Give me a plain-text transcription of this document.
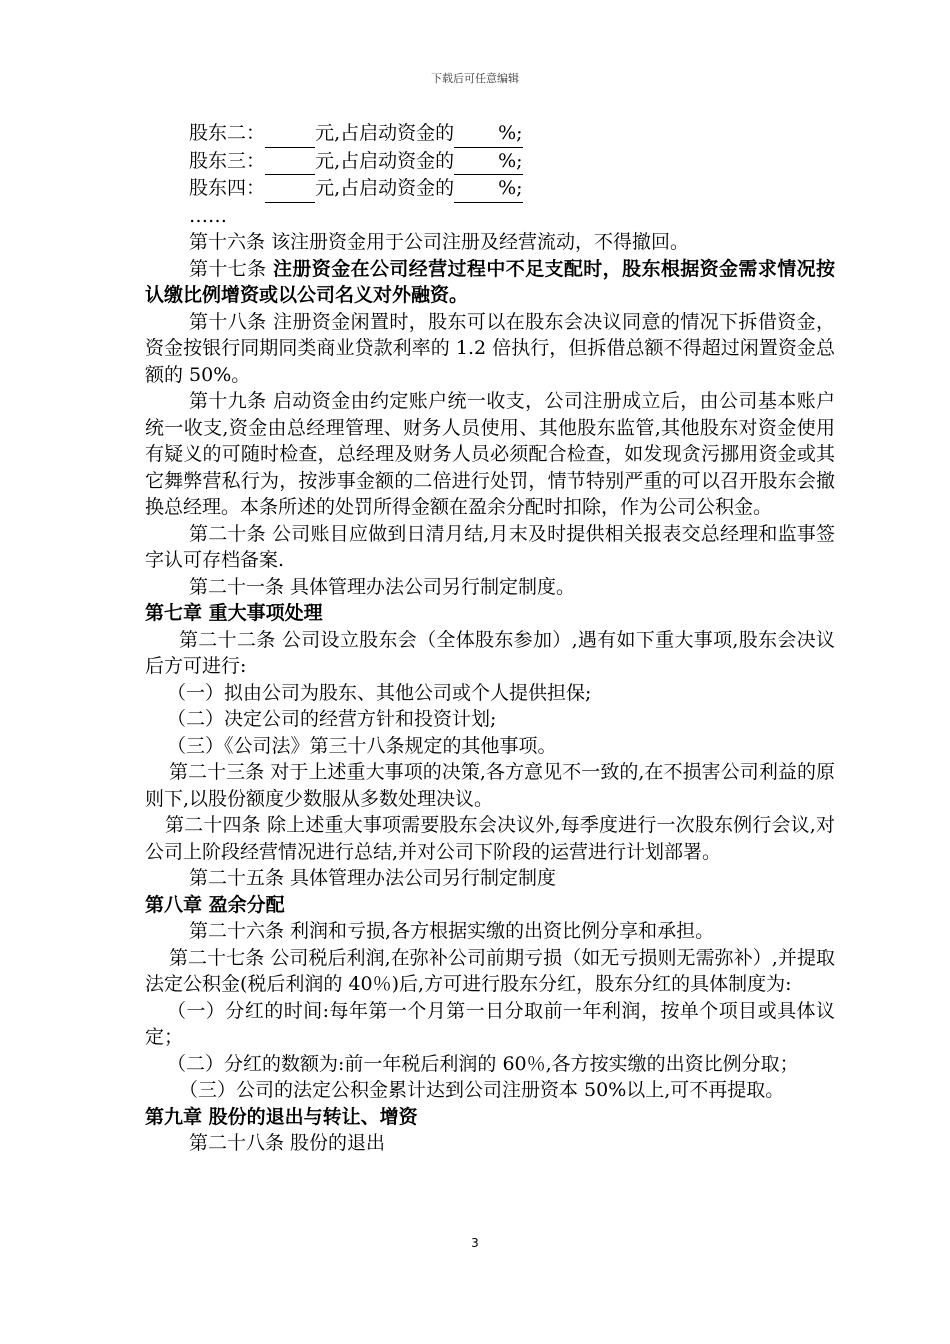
下载后可任意编辑

股东二：	元,占启动资金的 %;

股东三：	元,占启动资金的 %;

股东四：	元,占启动资金的 %;

……

第十六条 该注册资金用于公司注册及经营流动，不得撤回。

第十七条 注册资金在公司经营过程中不足支配时，股东根据资金需求情况按认缴比例增资或以公司名义对外融资。

第十八条 注册资金闲置时，股东可以在股东会决议同意的情况下拆借资金，资金按银行同期同类商业贷款利率的 1.2 倍执行，但拆借总额不得超过闲置资金总额的 50%。

第十九条 启动资金由约定账户统一收支，公司注册成立后，由公司基本账户统一收支,资金由总经理管理、财务人员使用、其他股东监管,其他股东对资金使用有疑义的可随时检查，总经理及财务人员必须配合检查，如发现贪污挪用资金或其它舞弊营私行为，按涉事金额的二倍进行处罚，情节特别严重的可以召开股东会撤换总经理。本条所述的处罚所得金额在盈余分配时扣除，作为公司公积金。

第二十条 公司账目应做到日清月结,月末及时提供相关报表交总经理和监事签字认可存档备案.

第二十一条 具体管理办法公司另行制定制度。

第七章 重大事项处理

第二十二条 公司设立股东会（全体股东参加）,遇有如下重大事项,股东会决议后方可进行:

（一）拟由公司为股东、其他公司或个人提供担保;

（二）决定公司的经营方针和投资计划;

（三）《公司法》第三十八条规定的其他事项。

第二十三条 对于上述重大事项的决策,各方意见不一致的,在不损害公司利益的原则下,以股份额度少数服从多数处理决议。

第二十四条 除上述重大事项需要股东会决议外,每季度进行一次股东例行会议,对公司上阶段经营情况进行总结,并对公司下阶段的运营进行计划部署。

第二十五条 具体管理办法公司另行制定制度

第八章 盈余分配

第二十六条 利润和亏损,各方根据实缴的出资比例分享和承担。

第二十七条 公司税后利润,在弥补公司前期亏损（如无亏损则无需弥补）,并提取法定公积金(税后利润的 40％)后,方可进行股东分红，股东分红的具体制度为:

（一）分红的时间:每年第一个月第一日分取前一年利润，按单个项目或具体议定；

（二）分红的数额为:前一年税后利润的 60％,各方按实缴的出资比例分取；

（三）公司的法定公积金累计达到公司注册资本 50%以上,可不再提取。

第九章 股份的退出与转让、增资

第二十八条 股份的退出

3
